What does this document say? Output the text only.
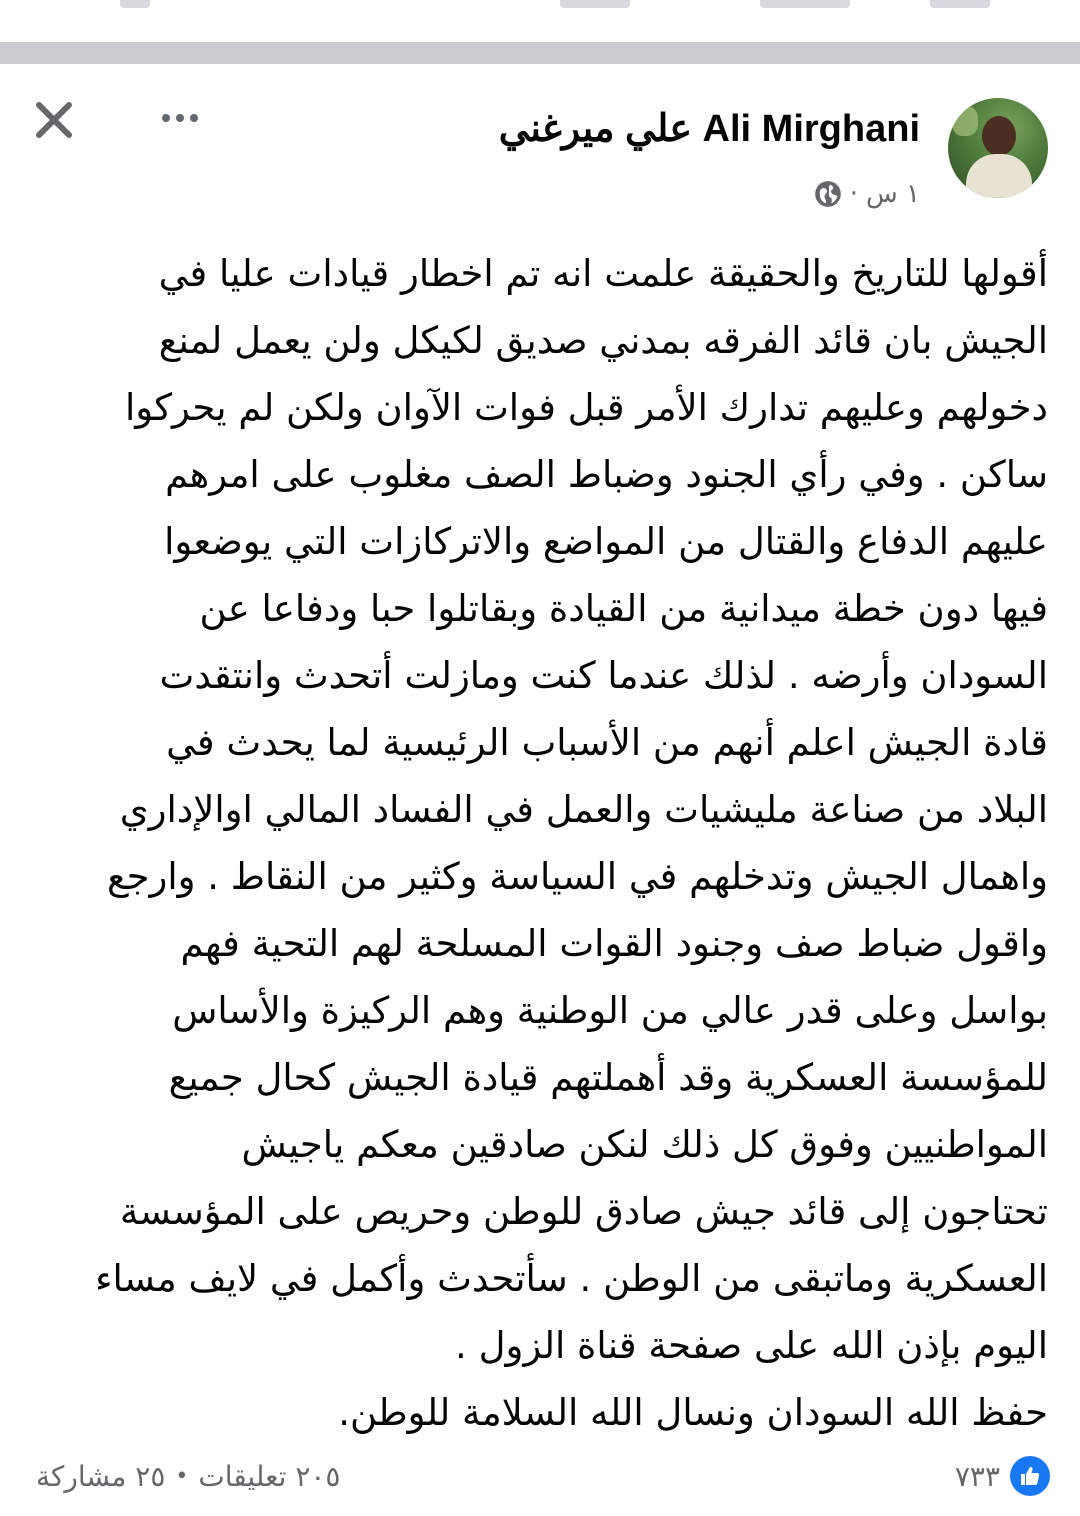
علي ميرغني Ali Mirghani
١ س
·
أقولها للتاريخ والحقيقة علمت انه تم اخطار قيادات عليا في
الجيش بان قائد الفرقه بمدني صديق لكيكل ولن يعمل لمنع
دخولهم وعليهم تدارك الأمر قبل فوات الآوان ولكن لم يحركوا
ساكن . وفي رأي الجنود وضباط الصف مغلوب على امرهم
عليهم الدفاع والقتال من المواضع والاتركازات التي يوضعوا
فيها دون خطة ميدانية من القيادة وبقاتلوا حبا ودفاعا عن
السودان وأرضه . لذلك عندما كنت ومازلت أتحدث وانتقدت
قادة الجيش اعلم أنهم من الأسباب الرئيسية لما يحدث في
البلاد من صناعة مليشيات والعمل في الفساد المالي اوالإداري
واهمال الجيش وتدخلهم في السياسة وكثير من النقاط . وارجع
واقول ضباط صف وجنود القوات المسلحة لهم التحية فهم
بواسل وعلى قدر عالي من الوطنية وهم الركيزة والأساس
للمؤسسة العسكرية وقد أهملتهم قيادة الجيش كحال جميع
المواطنيين وفوق كل ذلك لنكن صادقين معكم ياجيش
تحتاجون إلى قائد جيش صادق للوطن وحريص على المؤسسة
العسكرية وماتبقى من الوطن . سأتحدث وأكمل في لايف مساء
اليوم بإذن الله على صفحة قناة الزول .
حفظ الله السودان ونسال الله السلامة للوطن.
٧٣٣
٢٠٥ تعليقات
•
٢٥ مشاركة
